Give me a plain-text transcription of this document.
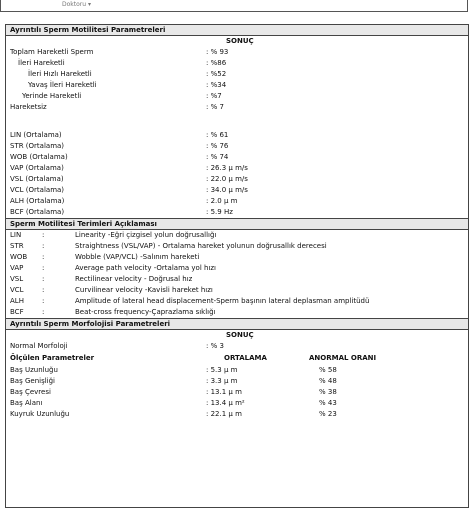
Doktoru ▾
Ayrıntılı Sperm Motilitesi Parametreleri
SONUÇ
Toplam Hareketli Sperm	: % 93
İleri Hareketli	: %86
İleri Hızlı Hareketli	: %52
Yavaş İleri Hareketli	: %34
Yerinde Hareketli	: %7
Hareketsiz	: % 7
LIN (Ortalama)	: % 61
STR (Ortalama)	: % 76
WOB (Ortalama)	: % 74
VAP (Ortalama)	: 26.3 μ m/s
VSL (Ortalama)	: 22.0 μ m/s
VCL (Ortalama)	: 34.0 μ m/s
ALH (Ortalama)	: 2.0 μ m
BCF (Ortalama)	: 5.9 Hz
Sperm Motilitesi Terimleri Açıklaması
LIN	:	Linearity -Eğri çizgisel yolun doğrusallığı
STR	:	Straightness (VSL/VAP) - Ortalama hareket yolunun doğrusallık derecesi
WOB :	Wobble (VAP/VCL) -Salınım hareketi
VAP	:	Average path velocity -Ortalama yol hızı
VSL	:	Rectilinear velocity - Doğrusal hız
VCL	:	Curvilinear velocity -Kavisli hareket hızı
ALH	:	Amplitude of lateral head displacement-Sperm başının lateral deplasman amplitüdü
BCF	:	Beat-cross frequency-Çaprazlama sıklığı
Ayrıntılı Sperm Morfolojisi Parametreleri
SONUÇ
Normal Morfoloji	: % 3
Ölçülen Parametreler	ORTALAMA	ANORMAL ORANI
Baş Uzunluğu	: 5.3 μ m	% 58
Baş Genişliği	: 3.3 μ m	% 48
Baş Çevresi	: 13.1 μ m	% 38
Baş Alanı	: 13.4 μ m²	% 43
Kuyruk Uzunluğu	: 22.1 μ m	% 23
